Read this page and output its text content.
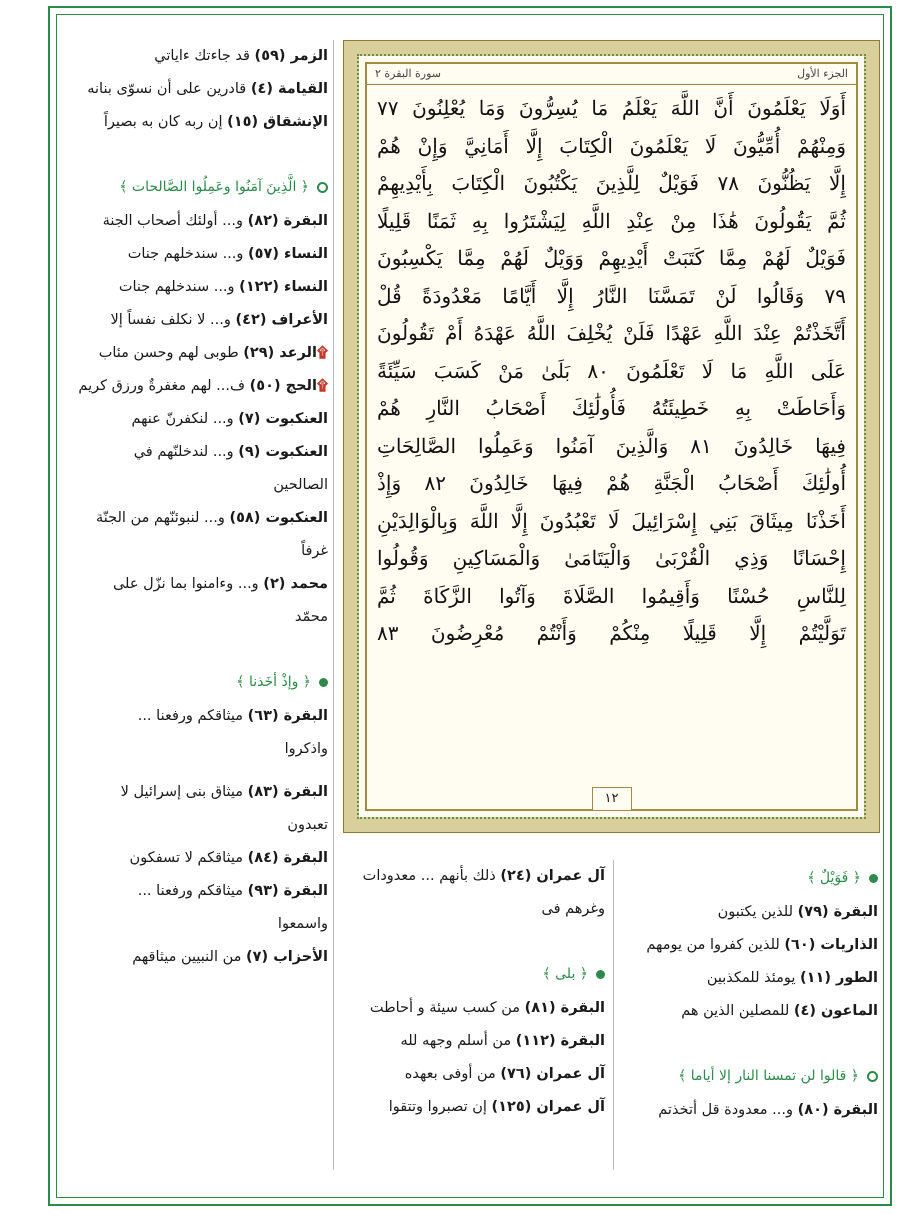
الزمر (٥٩) قد جاءتك ءاياتي
القيامة (٤) قادرين على أن نسوّى بنانه
الإنشقاق (١٥) إن ربه كان به بصيراً
﴿ الَّذِينَ آمَنُوا وعَمِلُوا الصَّالحات ﴾
البقرة (٨٢) و... أولئك أصحاب الجنة
النساء (٥٧) و... سندخلهم جنات
النساء (١٢٢) و... سندخلهم جنات
الأعراف (٤٢) و... لا نكلف نفساً إلا
۩الرعد (٢٩) طوبى لهم وحسن مئاب
۩الحج (٥٠) ف... لهم مغفرةٌ ورزق كريم
العنكبوت (٧) و... لنكفرنّ عنهم
العنكبوت (٩) و... لندخلنّهم في
الصالحين
العنكبوت (٥٨) و... لنبوئنّهم من الجنّة
غرفاً
محمد (٢) و... وءامنوا بما نزّل على
محمّد
﴿ وإذْ أخَذنا ﴾
البقرة (٦٣) ميثاقكم ورفعنا ...
واذكروا
البقرة (٨٣) ميثاق بنى إسرائيل لا
تعبدون
البقرة (٨٤) ميثاقكم لا تسفكون
البقرة (٩٣) ميثاقكم ورفعنا ...
واسمعوا
الأحزاب (٧) من النبيين ميثاقهم
الجزء الأول
سورة البقرة ٢
أَوَلَا يَعْلَمُونَ أَنَّ اللَّهَ يَعْلَمُ مَا يُسِرُّونَ وَمَا يُعْلِنُونَ ٧٧
وَمِنْهُمْ أُمِّيُّونَ لَا يَعْلَمُونَ الْكِتَابَ إِلَّا أَمَانِيَّ وَإِنْ هُمْ
إِلَّا يَظُنُّونَ ٧٨ فَوَيْلٌ لِلَّذِينَ يَكْتُبُونَ الْكِتَابَ بِأَيْدِيهِمْ
ثُمَّ يَقُولُونَ هَٰذَا مِنْ عِنْدِ اللَّهِ لِيَشْتَرُوا بِهِ ثَمَنًا قَلِيلًا
فَوَيْلٌ لَهُمْ مِمَّا كَتَبَتْ أَيْدِيهِمْ وَوَيْلٌ لَهُمْ مِمَّا يَكْسِبُونَ
٧٩ وَقَالُوا لَنْ تَمَسَّنَا النَّارُ إِلَّا أَيَّامًا مَعْدُودَةً قُلْ
أَتَّخَذْتُمْ عِنْدَ اللَّهِ عَهْدًا فَلَنْ يُخْلِفَ اللَّهُ عَهْدَهُ أَمْ تَقُولُونَ
عَلَى اللَّهِ مَا لَا تَعْلَمُونَ ٨٠ بَلَىٰ مَنْ كَسَبَ سَيِّئَةً
وَأَحَاطَتْ بِهِ خَطِيئَتُهُ فَأُولَٰئِكَ أَصْحَابُ النَّارِ هُمْ
فِيهَا خَالِدُونَ ٨١ وَالَّذِينَ آمَنُوا وَعَمِلُوا الصَّالِحَاتِ
أُولَٰئِكَ أَصْحَابُ الْجَنَّةِ هُمْ فِيهَا خَالِدُونَ ٨٢ وَإِذْ
أَخَذْنَا مِيثَاقَ بَنِي إِسْرَائِيلَ لَا تَعْبُدُونَ إِلَّا اللَّهَ وَبِالْوَالِدَيْنِ
إِحْسَانًا وَذِي الْقُرْبَىٰ وَالْيَتَامَىٰ وَالْمَسَاكِينِ وَقُولُوا
لِلنَّاسِ حُسْنًا وَأَقِيمُوا الصَّلَاةَ وَآتُوا الزَّكَاةَ ثُمَّ
تَوَلَّيْتُمْ إِلَّا قَلِيلًا مِنْكُمْ وَأَنْتُمْ مُعْرِضُونَ ٨٣
١٢
﴿ فَوَيْلٌ ﴾
البقرة (٧٩) للذين يكتبون
الذاريات (٦٠) للذين كفروا من يومهم
الطور (١١) يومئذ للمكذبين
الماعون (٤) للمصلين الذين هم
﴿ قالوا لن تمسنا النار إلا أياما ﴾
البقرة (٨٠) و... معدودة قل أتخذتم
آل عمران (٢٤) ذلك بأنهم ... معدودات
وغرهم فى
﴿ بلى ﴾
البقرة (٨١) من كسب سيئة و أحاطت
البقرة (١١٢) من أسلم وجهه لله
آل عمران (٧٦) من أوفى بعهده
آل عمران (١٢٥) إن تصبروا وتتقوا
